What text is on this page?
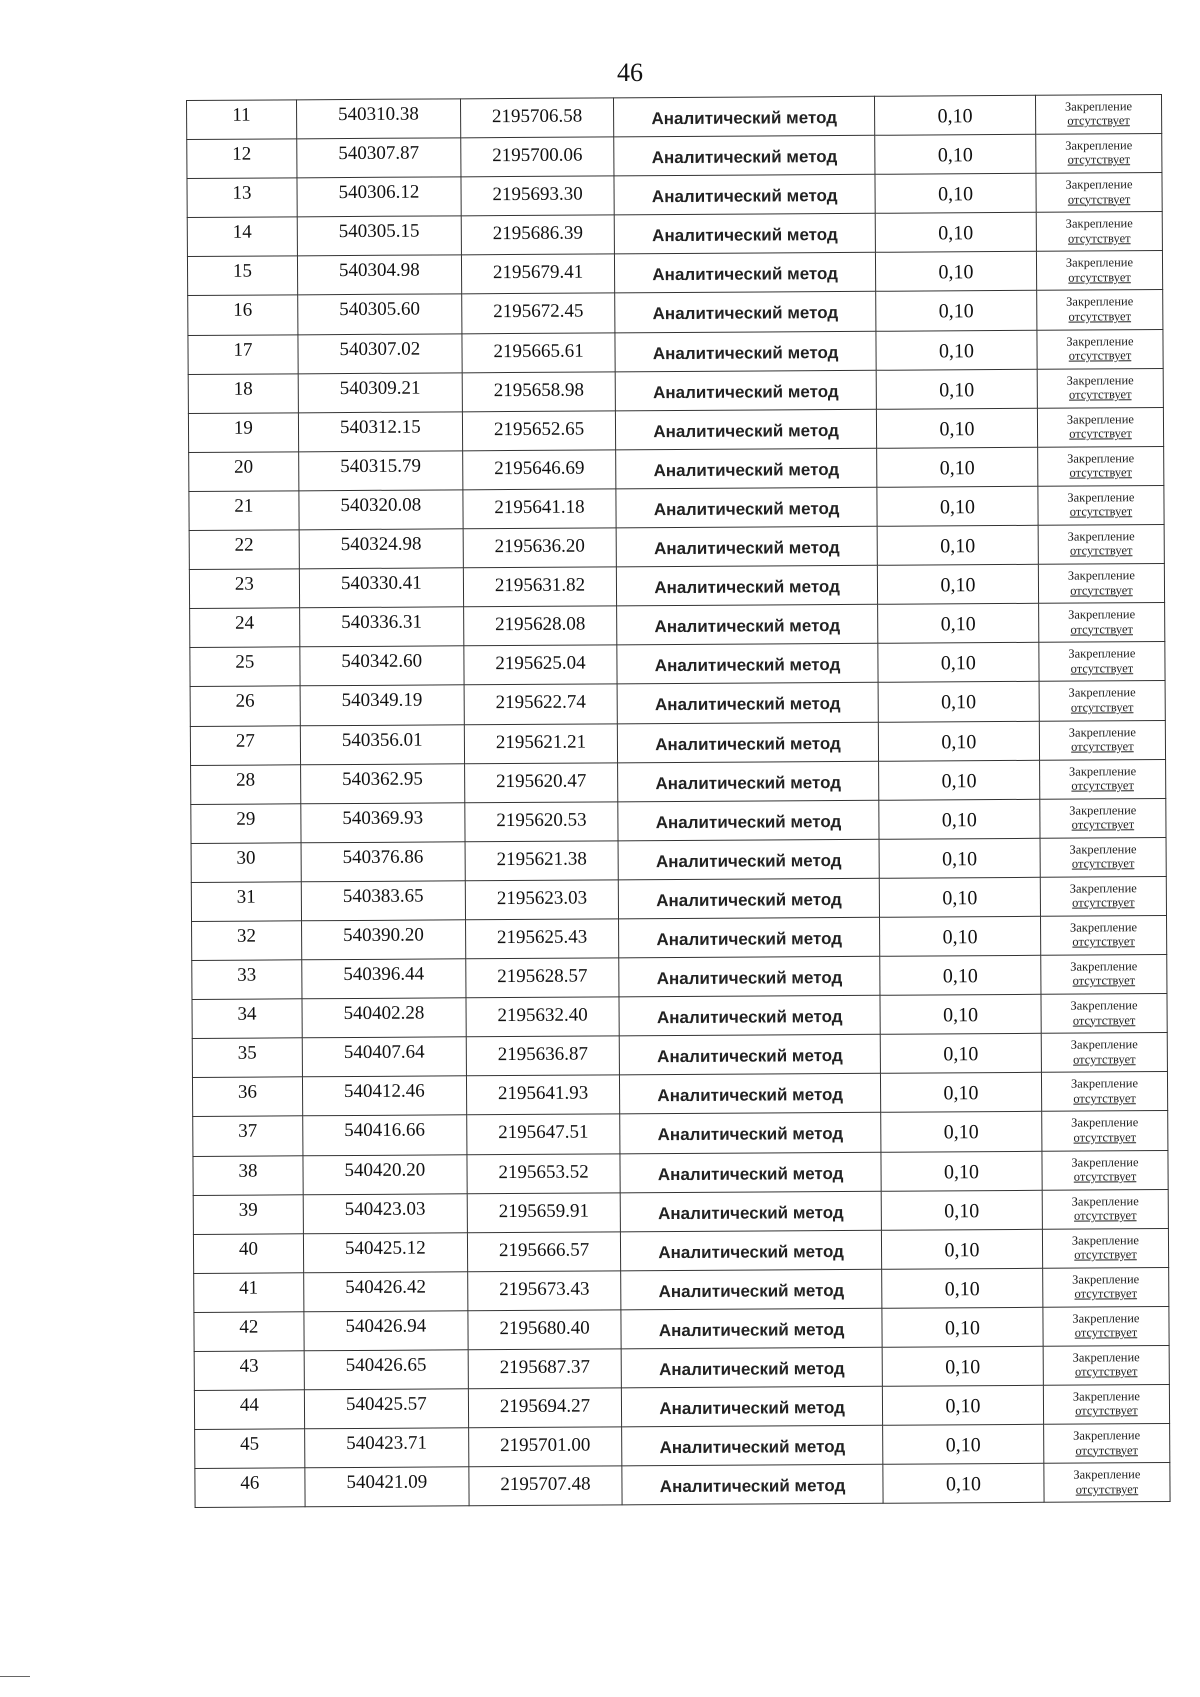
46
11	540310.38	2195706.58	Аналитический метод	0,10	Закрепление
отсутствует

12	540307.87	2195700.06	Аналитический метод	0,10	Закрепление
отсутствует

13	540306.12	2195693.30	Аналитический метод	0,10	Закрепление
отсутствует

14	540305.15	2195686.39	Аналитический метод	0,10	Закрепление
отсутствует

15	540304.98	2195679.41	Аналитический метод	0,10	Закрепление
отсутствует

16	540305.60	2195672.45	Аналитический метод	0,10	Закрепление
отсутствует

17	540307.02	2195665.61	Аналитический метод	0,10	Закрепление
отсутствует

18	540309.21	2195658.98	Аналитический метод	0,10	Закрепление
отсутствует

19	540312.15	2195652.65	Аналитический метод	0,10	Закрепление
отсутствует

20	540315.79	2195646.69	Аналитический метод	0,10	Закрепление
отсутствует

21	540320.08	2195641.18	Аналитический метод	0,10	Закрепление
отсутствует

22	540324.98	2195636.20	Аналитический метод	0,10	Закрепление
отсутствует

23	540330.41	2195631.82	Аналитический метод	0,10	Закрепление
отсутствует

24	540336.31	2195628.08	Аналитический метод	0,10	Закрепление
отсутствует

25	540342.60	2195625.04	Аналитический метод	0,10	Закрепление
отсутствует

26	540349.19	2195622.74	Аналитический метод	0,10	Закрепление
отсутствует

27	540356.01	2195621.21	Аналитический метод	0,10	Закрепление
отсутствует

28	540362.95	2195620.47	Аналитический метод	0,10	Закрепление
отсутствует

29	540369.93	2195620.53	Аналитический метод	0,10	Закрепление
отсутствует

30	540376.86	2195621.38	Аналитический метод	0,10	Закрепление
отсутствует

31	540383.65	2195623.03	Аналитический метод	0,10	Закрепление
отсутствует

32	540390.20	2195625.43	Аналитический метод	0,10	Закрепление
отсутствует

33	540396.44	2195628.57	Аналитический метод	0,10	Закрепление
отсутствует

34	540402.28	2195632.40	Аналитический метод	0,10	Закрепление
отсутствует

35	540407.64	2195636.87	Аналитический метод	0,10	Закрепление
отсутствует

36	540412.46	2195641.93	Аналитический метод	0,10	Закрепление
отсутствует

37	540416.66	2195647.51	Аналитический метод	0,10	Закрепление
отсутствует

38	540420.20	2195653.52	Аналитический метод	0,10	Закрепление
отсутствует

39	540423.03	2195659.91	Аналитический метод	0,10	Закрепление
отсутствует

40	540425.12	2195666.57	Аналитический метод	0,10	Закрепление
отсутствует

41	540426.42	2195673.43	Аналитический метод	0,10	Закрепление
отсутствует

42	540426.94	2195680.40	Аналитический метод	0,10	Закрепление
отсутствует

43	540426.65	2195687.37	Аналитический метод	0,10	Закрепление
отсутствует

44	540425.57	2195694.27	Аналитический метод	0,10	Закрепление
отсутствует

45	540423.71	2195701.00	Аналитический метод	0,10	Закрепление
отсутствует

46	540421.09	2195707.48	Аналитический метод	0,10	Закрепление
отсутствует
